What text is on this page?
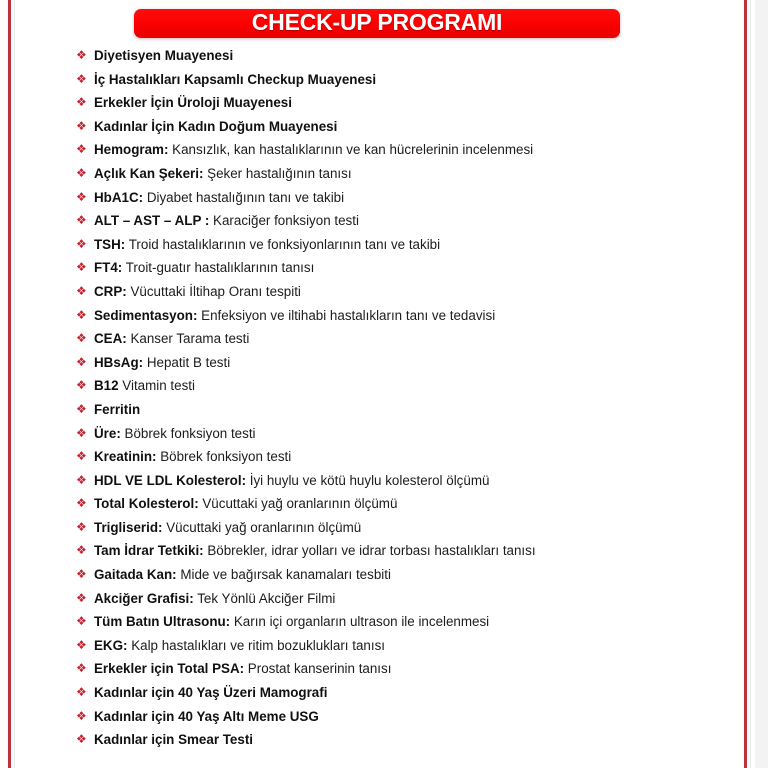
CHECK-UP PROGRAMI
❖ Diyetisyen Muayenesi
❖ İç Hastalıkları Kapsamlı Checkup Muayenesi
❖ Erkekler İçin Üroloji Muayenesi
❖ Kadınlar İçin Kadın Doğum Muayenesi
❖ Hemogram: Kansızlık, kan hastalıklarının ve kan hücrelerinin incelenmesi
❖ Açlık Kan Şekeri: Şeker hastalığının tanısı
❖ HbA1C: Diyabet hastalığının tanı ve takibi
❖ ALT – AST – ALP : Karaciğer fonksiyon testi
❖ TSH: Troid hastalıklarının ve fonksiyonlarının tanı ve takibi
❖ FT4: Troit-guatır hastalıklarının tanısı
❖ CRP: Vücuttaki İltihap Oranı tespiti
❖ Sedimentasyon: Enfeksiyon ve iltihabi hastalıkların tanı ve tedavisi
❖ CEA: Kanser Tarama testi
❖ HBsAg: Hepatit B testi
❖ B12 Vitamin testi
❖ Ferritin
❖ Üre: Böbrek fonksiyon testi
❖ Kreatinin: Böbrek fonksiyon testi
❖ HDL VE LDL Kolesterol: İyi huylu ve kötü huylu kolesterol ölçümü
❖ Total Kolesterol: Vücuttaki yağ oranlarının ölçümü
❖ Trigliserid: Vücuttaki yağ oranlarının ölçümü
❖ Tam İdrar Tetkiki: Böbrekler, idrar yolları ve idrar torbası hastalıkları tanısı
❖ Gaitada Kan: Mide ve bağırsak kanamaları tesbiti
❖ Akciğer Grafisi: Tek Yönlü Akciğer Filmi
❖ Tüm Batın Ultrasonu: Karın içi organların ultrason ile incelenmesi
❖ EKG: Kalp hastalıkları ve ritim bozuklukları tanısı
❖ Erkekler için Total PSA: Prostat kanserinin tanısı
❖ Kadınlar için 40 Yaş Üzeri Mamografi
❖ Kadınlar için 40 Yaş Altı Meme USG
❖ Kadınlar için Smear Testi
